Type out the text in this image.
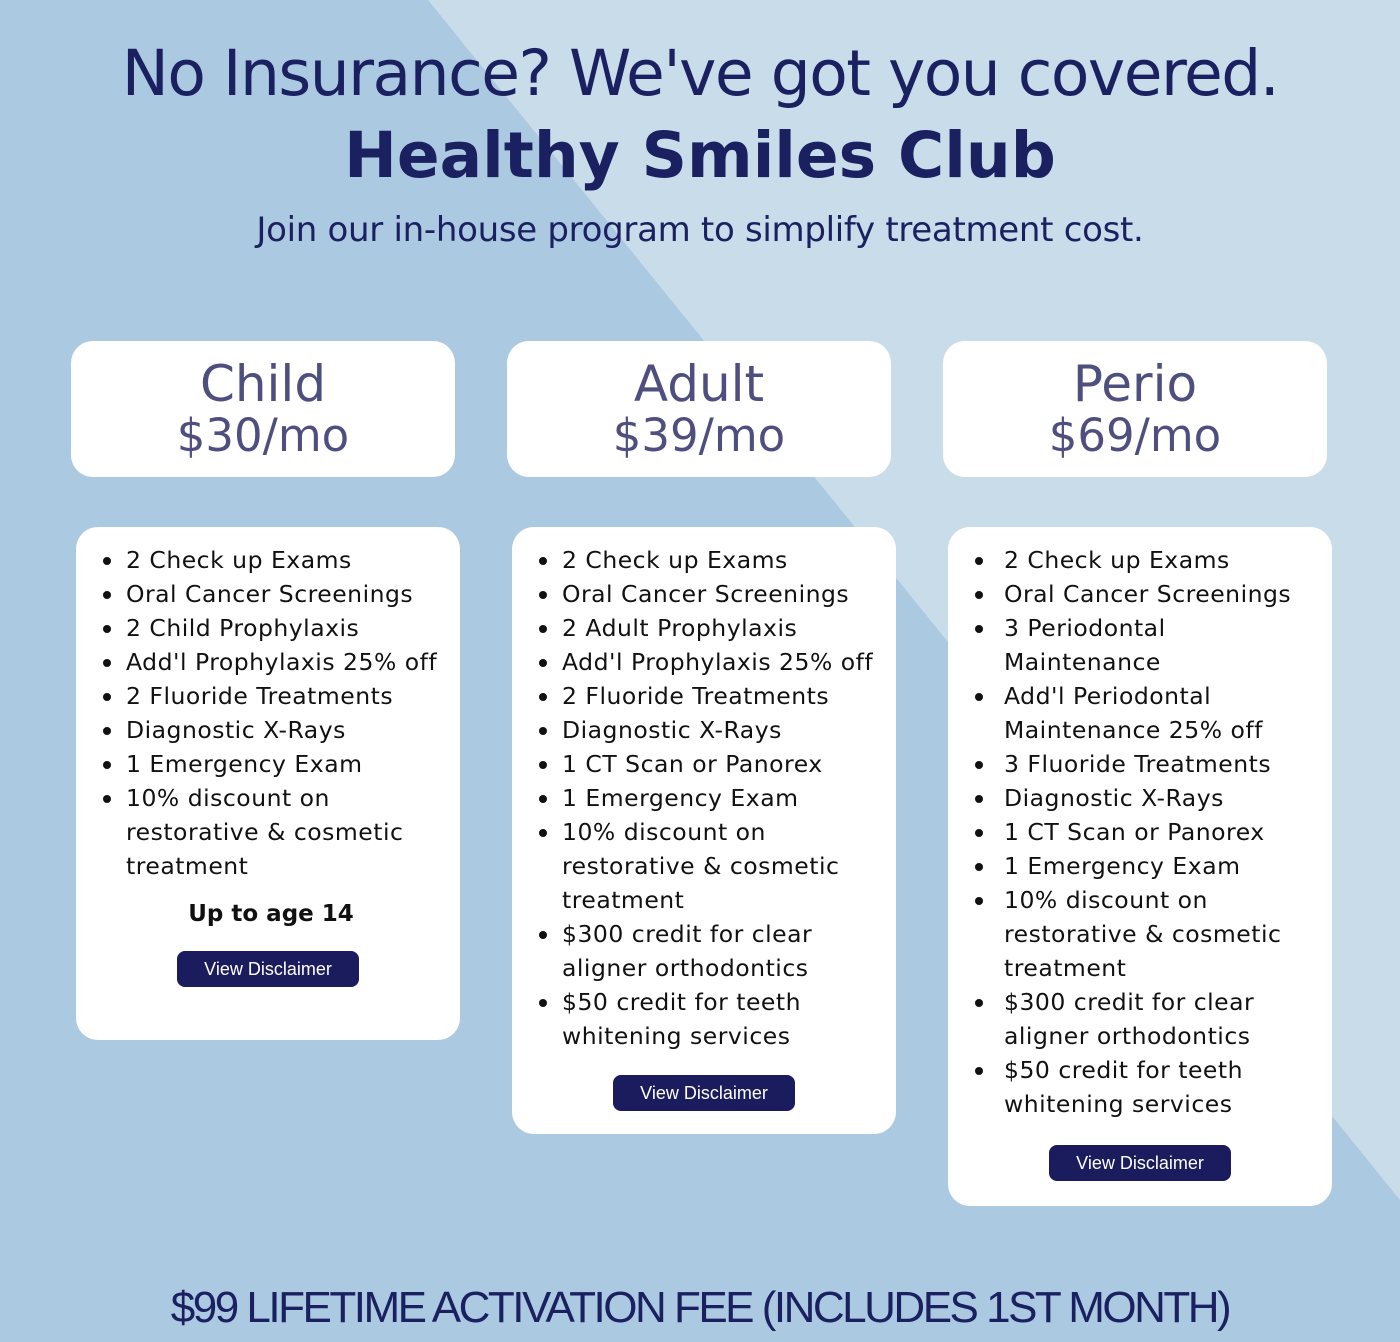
No Insurance? We've got you covered.
Healthy Smiles Club
Join our in-house program to simplify treatment cost.
Child
$30/mo
2 Check up Exams
Oral Cancer Screenings
2 Child Prophylaxis
Add'l Prophylaxis 25% off
2 Fluoride Treatments
Diagnostic X-Rays
1 Emergency Exam
10% discount on restorative & cosmetic treatment
Up to age 14
View Disclaimer
Adult
$39/mo
2 Check up Exams
Oral Cancer Screenings
2 Adult Prophylaxis
Add'l Prophylaxis 25% off
2 Fluoride Treatments
Diagnostic X-Rays
1 CT Scan or Panorex
1 Emergency Exam
10% discount on restorative & cosmetic treatment
$300 credit for clear aligner orthodontics
$50 credit for teeth whitening services
View Disclaimer
Perio
$69/mo
2 Check up Exams
Oral Cancer Screenings
3 Periodontal Maintenance
Add'l Periodontal Maintenance 25% off
3 Fluoride Treatments
Diagnostic X-Rays
1 CT Scan or Panorex
1 Emergency Exam
10% discount on restorative & cosmetic treatment
$300 credit for clear aligner orthodontics
$50 credit for teeth whitening services
View Disclaimer
$99 LIFETIME ACTIVATION FEE (INCLUDES 1ST MONTH)
